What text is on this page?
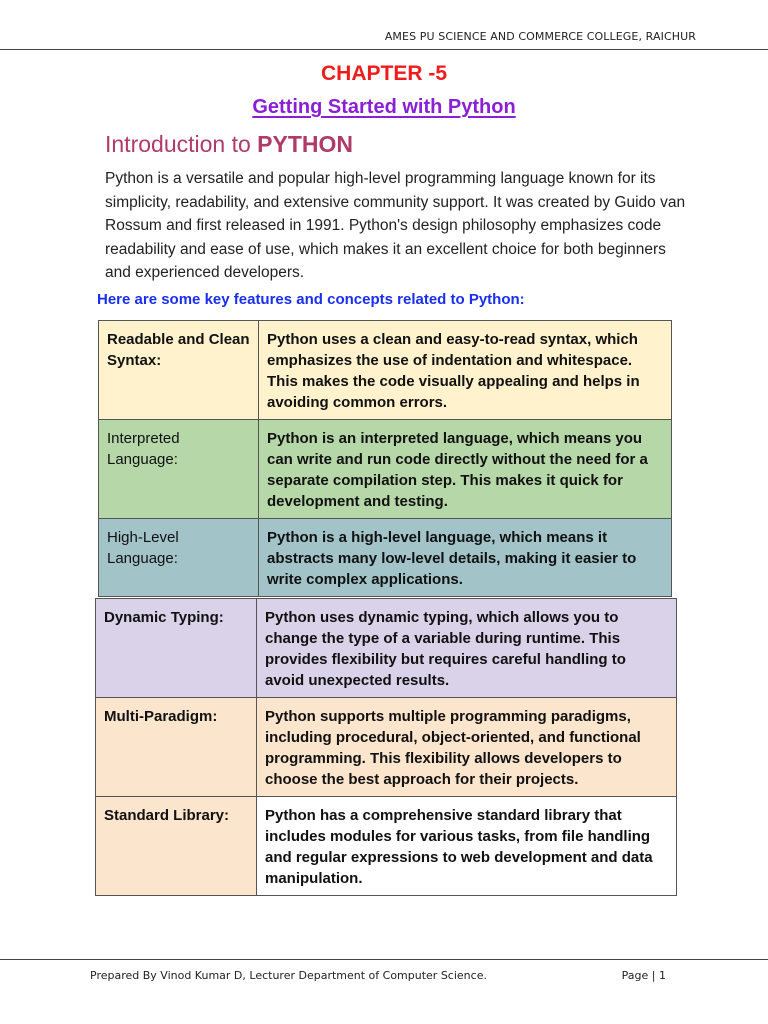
AMES PU SCIENCE AND COMMERCE COLLEGE, RAICHUR
CHAPTER -5
Getting Started with Python
Introduction to PYTHON
Python is a versatile and popular high-level programming language known for its simplicity, readability, and extensive community support. It was created by Guido van Rossum and first released in 1991. Python's design philosophy emphasizes code readability and ease of use, which makes it an excellent choice for both beginners and experienced developers.
Here are some key features and concepts related to Python:
Readable and Clean Syntax:	Python uses a clean and easy-to-read syntax, which emphasizes the use of indentation and whitespace. This makes the code visually appealing and helps in avoiding common errors.
Interpreted Language:	Python is an interpreted language, which means you can write and run code directly without the need for a separate compilation step. This makes it quick for development and testing.
High-Level Language:	Python is a high-level language, which means it abstracts many low-level details, making it easier to write complex applications.
Dynamic Typing:	Python uses dynamic typing, which allows you to change the type of a variable during runtime. This provides flexibility but requires careful handling to avoid unexpected results.
Multi-Paradigm:	Python supports multiple programming paradigms, including procedural, object-oriented, and functional programming. This flexibility allows developers to choose the best approach for their projects.
Standard Library:	Python has a comprehensive standard library that includes modules for various tasks, from file handling and regular expressions to web development and data manipulation.
Prepared By Vinod Kumar D, Lecturer Department of Computer Science.	Page | 1
